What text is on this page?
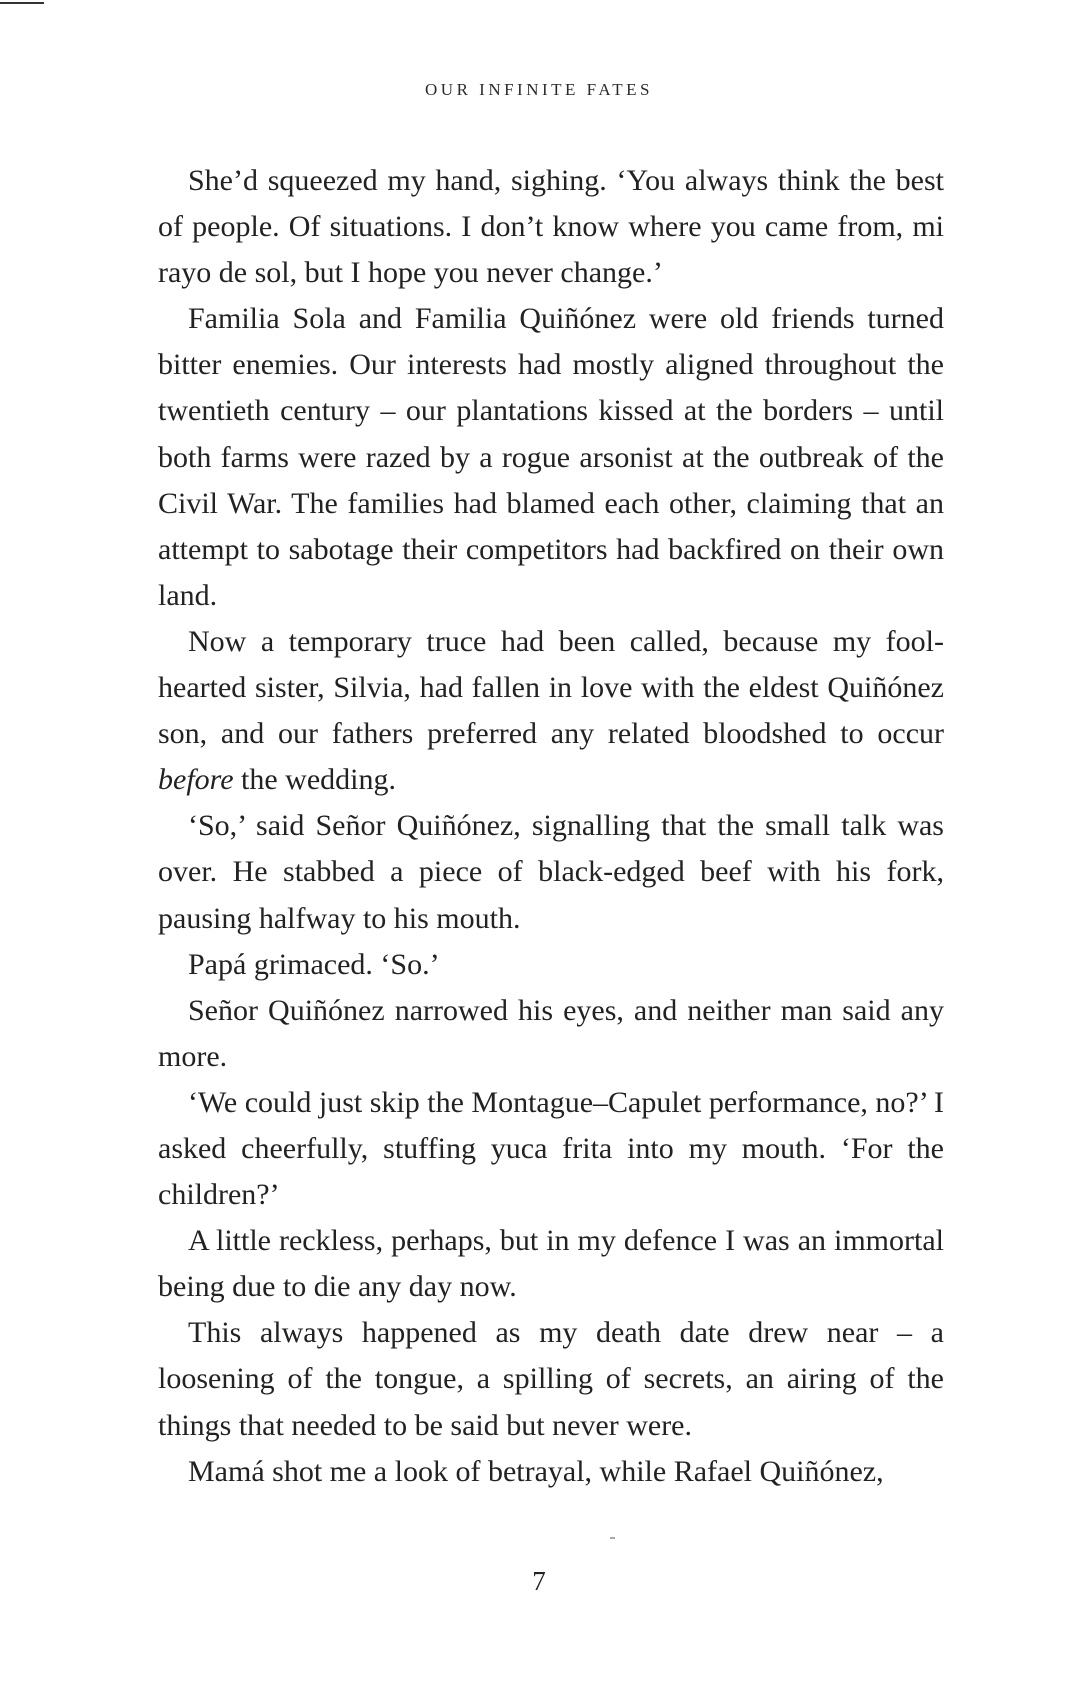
OUR INFINITE FATES

She’d squeezed my hand, sighing. ‘You always think the best of people. Of situations. I don’t know where you came from, mi rayo de sol, but I hope you never change.’

Familia Sola and Familia Quiñónez were old friends turned bitter enemies. Our interests had mostly aligned throughout the twentieth century – our plantations kissed at the borders – until both farms were razed by a rogue arsonist at the outbreak of the Civil War. The families had blamed each other, claiming that an attempt to sabotage their competitors had backfired on their own land.

Now a temporary truce had been called, because my fool-hearted sister, Silvia, had fallen in love with the eldest Quiñónez son, and our fathers preferred any related bloodshed to occur before the wedding.

‘So,’ said Señor Quiñónez, signalling that the small talk was over. He stabbed a piece of black-edged beef with his fork, pausing halfway to his mouth.

Papá grimaced. ‘So.’

Señor Quiñónez narrowed his eyes, and neither man said any more.

‘We could just skip the Montague–Capulet performance, no?’ I asked cheerfully, stuffing yuca frita into my mouth. ‘For the children?’

A little reckless, perhaps, but in my defence I was an immortal being due to die any day now.

This always happened as my death date drew near – a loosening of the tongue, a spilling of secrets, an airing of the things that needed to be said but never were.

Mamá shot me a look of betrayal, while Rafael Quiñónez,

7
